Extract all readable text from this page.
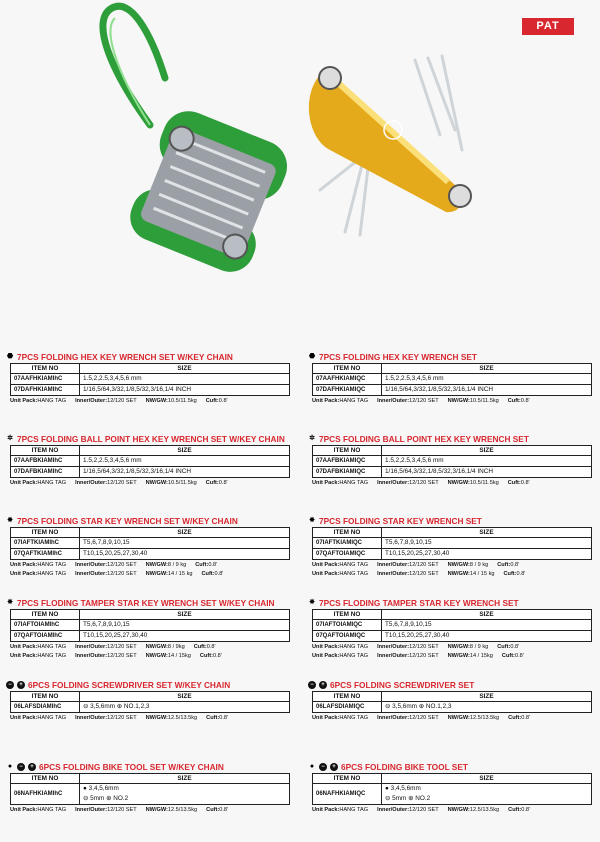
PAT
⬣ 7PCS FOLDING HEX KEY WRENCH SET W/KEY CHAIN
ITEM NO	SIZE
07AAFHKIAMIhC	1.5,2,2.5,3,4,5,6 mm

07DAFHKIAMIhC	1/16,5/64,3/32,1/8,5/32,3/16,1/4 INCH
Unit Pack:HANG TAG Inner/Outer:12/120 SET NW/GW:10.5/11.5kg Cuft:0.8'
✲ 7PCS FOLDING BALL POINT HEX KEY WRENCH SET W/KEY CHAIN
ITEM NO	SIZE
07AAFBKIAMIhC	1.5,2,2.5,3,4,5,6 mm

07DAFBKIAMIhC	1/16,5/64,3/32,1/8,5/32,3/16,1/4 INCH
Unit Pack:HANG TAG Inner/Outer:12/120 SET NW/GW:10.5/11.5kg Cuft:0.8'
✸ 7PCS FOLDING STAR KEY WRENCH SET W/KEY CHAIN
ITEM NO	SIZE
07IAFTKIAMIhC	T5,6,7,8,9,10,15

07QAFTKIAMIhC	T10,15,20,25,27,30,40
Unit Pack:HANG TAG Inner/Outer:12/120 SET NW/GW:8 / 9 kg Cuft:0.8'
Unit Pack:HANG TAG Inner/Outer:12/120 SET NW/GW:14 / 15 kg Cuft:0.8'
✵ 7PCS FLODING TAMPER STAR KEY WRENCH SET W/KEY CHAIN
ITEM NO	SIZE
07IAFTOIAMIhC	T5,6,7,8,9,10,15

07QAFTOIAMIhC	T10,15,20,25,27,30,40
Unit Pack:HANG TAG Inner/Outer:12/120 SET NW/GW:8 / 9kg Cuft:0.8'
Unit Pack:HANG TAG Inner/Outer:12/120 SET NW/GW:14 / 15kg Cuft:0.8'
−	+ 6PCS FOLDING SCREWDRIVER SET W/KEY CHAIN
ITEM NO	SIZE
06LAFSDIAMIhC	⊖ 3,5,6mm ⊕ NO.1,2,3
Unit Pack:HANG TAG Inner/Outer:12/120 SET NW/GW:12.5/13.5kg Cuft:0.8'
●	−	+ 6PCS FOLDING BIKE TOOL SET W/KEY CHAIN
ITEM NO	SIZE
06NAFHKIAMIhC	● 3,4,5,6mm
⊖ 5mm ⊕ NO.2
Unit Pack:HANG TAG Inner/Outer:12/120 SET NW/GW:12.5/13.5kg Cuft:0.8'
⬣ 7PCS FOLDING HEX KEY WRENCH SET
ITEM NO	SIZE
07AAFHKIAMIQC	1.5,2,2.5,3,4,5,6 mm

07DAFHKIAMIQC	1/16,5/64,3/32,1/8,5/32,3/16,1/4 INCH
Unit Pack:HANG TAG Inner/Outer:12/120 SET NW/GW:10.5/11.5kg Cuft:0.8'
✲ 7PCS FOLDING BALL POINT HEX KEY WRENCH SET
ITEM NO	SIZE
07AAFBKIAMIQC	1.5,2,2.5,3,4,5,6 mm

07DAFBKIAMIQC	1/16,5/64,3/32,1/8,5/32,3/16,1/4 INCH
Unit Pack:HANG TAG Inner/Outer:12/120 SET NW/GW:10.5/11.5kg Cuft:0.8'
✸ 7PCS FOLDING STAR KEY WRENCH SET
ITEM NO	SIZE
07IAFTKIAMIQC	T5,6,7,8,9,10,15

07QAFTOIAMIQC	T10,15,20,25,27,30,40
Unit Pack:HANG TAG Inner/Outer:12/120 SET NW/GW:8 / 9 kg Cuft:0.8'
Unit Pack:HANG TAG Inner/Outer:12/120 SET NW/GW:14 / 15 kg Cuft:0.8'
✵ 7PCS FLODING TAMPER STAR KEY WRENCH SET
ITEM NO	SIZE
07IAFTOIAMIQC	T5,6,7,8,9,10,15

07QAFTOIAMIQC	T10,15,20,25,27,30,40
Unit Pack:HANG TAG Inner/Outer:12/120 SET NW/GW:8 / 9 kg Cuft:0.8'
Unit Pack:HANG TAG Inner/Outer:12/120 SET NW/GW:14 / 15kg Cuft:0.8'
−	+ 6PCS FOLDING SCREWDRIVER SET
ITEM NO	SIZE
06LAFSDIAMIQC	⊖ 3,5,6mm ⊕ NO.1,2,3
Unit Pack:HANG TAG Inner/Outer:12/120 SET NW/GW:12.5/13.5kg Cuft:0.8'
●	−	+ 6PCS FOLDING BIKE TOOL SET
ITEM NO	SIZE
06NAFHKIAMIQC	● 3,4,5,6mm
⊖ 5mm ⊕ NO.2
Unit Pack:HANG TAG Inner/Outer:12/120 SET NW/GW:12.5/13.5kg Cuft:0.8'
